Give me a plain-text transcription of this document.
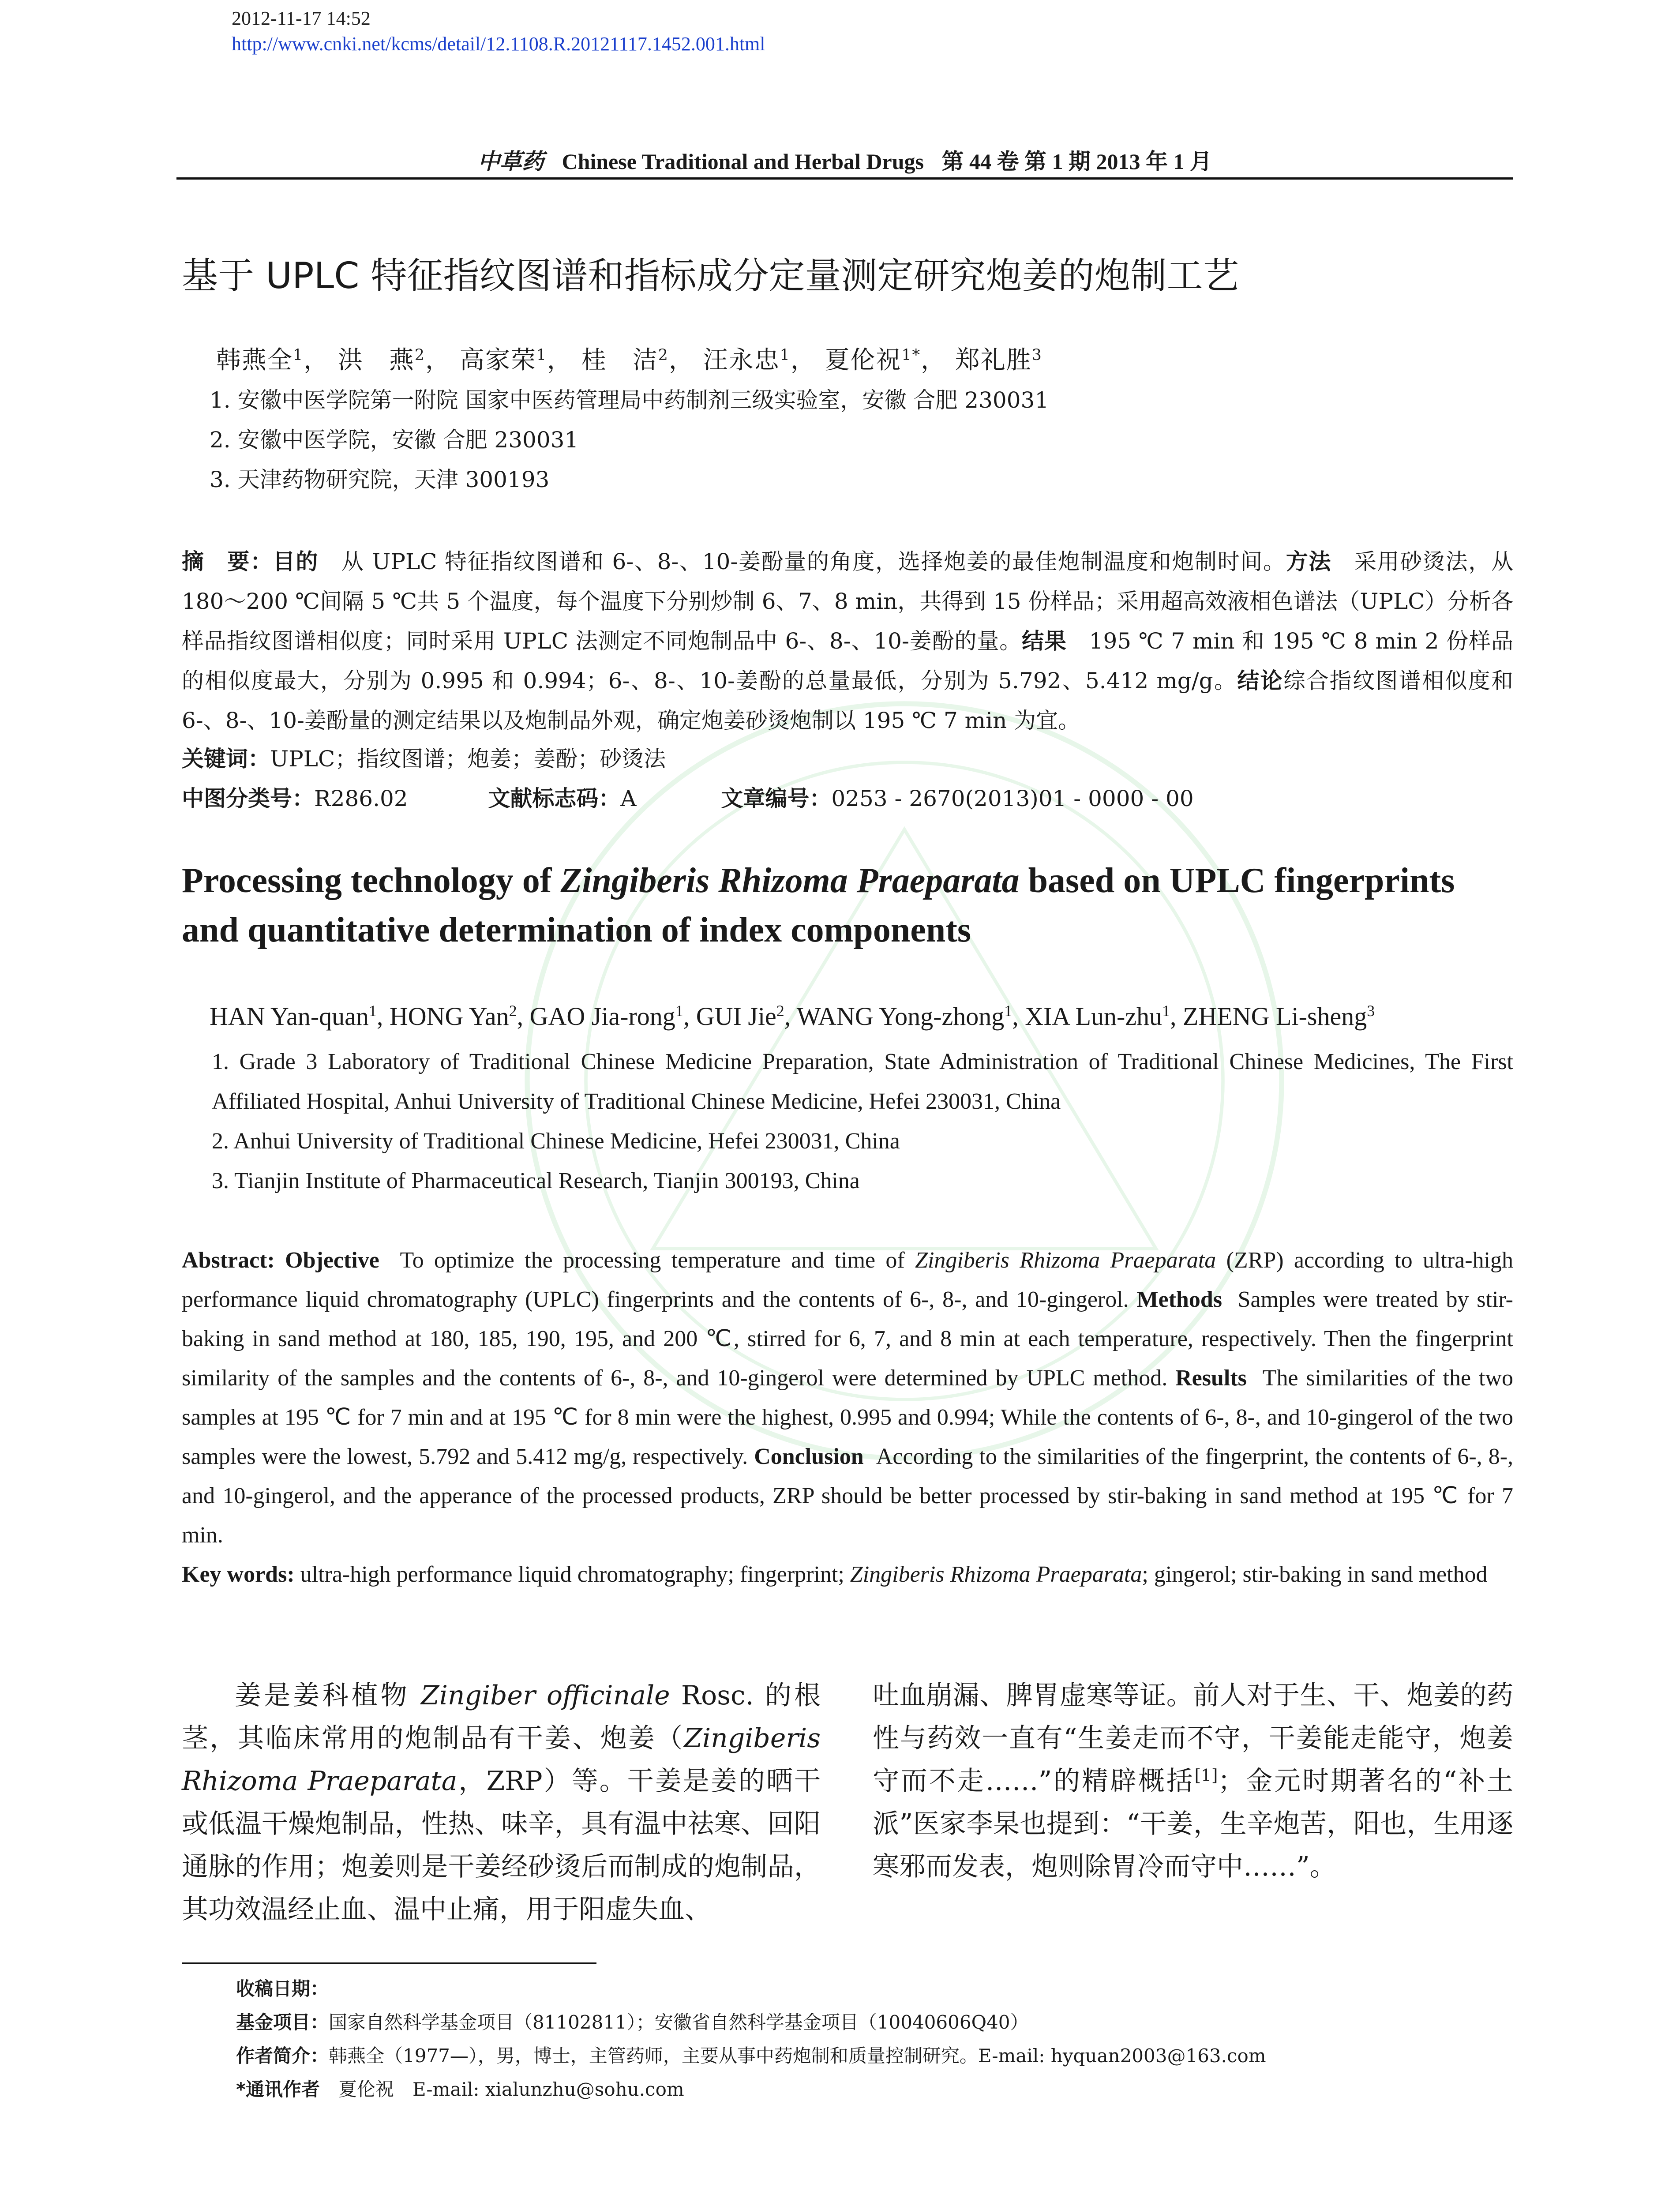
2012-11-17 14:52
http://www.cnki.net/kcms/detail/12.1108.R.20121117.1452.001.html
中草药 Chinese Traditional and Herbal Drugs 第 44 卷 第 1 期 2013 年 1 月
基于 UPLC 特征指纹图谱和指标成分定量测定研究炮姜的炮制工艺
韩燕全$^1$， 洪　燕$^2$， 高家荣$^1$， 桂　洁$^2$， 汪永忠$^1$， 夏伦祝$^{1*}$， 郑礼胜$^3$
1. 安徽中医学院第一附院 国家中医药管理局中药制剂三级实验室，安徽 合肥 230031
2. 安徽中医学院，安徽 合肥 230031
3. 天津药物研究院，天津 300193
摘　要：目的　 从 UPLC 特征指纹图谱和 6-、8-、10-姜酚量的角度，选择炮姜的最佳炮制温度和炮制时间。方法　 采用砂烫法，从 180～200 ℃间隔 5 ℃共 5 个温度，每个温度下分别炒制 6、7、8 min，共得到 15 份样品；采用超高效液相色谱法（UPLC）分析各样品指纹图谱相似度；同时采用 UPLC 法测定不同炮制品中 6-、8-、10-姜酚的量。结果　 195 ℃ 7 min 和 195 ℃ 8 min 2 份样品的相似度最大，分别为 0.995 和 0.994；6-、8-、10-姜酚的总量最低，分别为 5.792、5.412 mg/g。结论综合指纹图谱相似度和 6-、8-、10-姜酚量的测定结果以及炮制品外观，确定炮姜砂烫炮制以 195 ℃ 7 min 为宜。
关键词：UPLC；指纹图谱；炮姜；姜酚；砂烫法
中图分类号：R286.02	文献标志码：A	文章编号：0253 - 2670(2013)01 - 0000 - 00
Processing technology of Zingiberis Rhizoma Praeparata based on UPLC fingerprints and quantitative determination of index components
HAN Yan-quan$^1$, HONG Yan$^2$, GAO Jia-rong$^1$, GUI Jie$^2$, WANG Yong-zhong$^1$, XIA Lun-zhu$^1$, ZHENG Li-sheng$^3$
1. Grade 3 Laboratory of Traditional Chinese Medicine Preparation, State Administration of Traditional Chinese Medicines, The First Affiliated Hospital, Anhui University of Traditional Chinese Medicine, Hefei 230031, China
2. Anhui University of Traditional Chinese Medicine, Hefei 230031, China
3. Tianjin Institute of Pharmaceutical Research, Tianjin 300193, China
Abstract: Objective To optimize the processing temperature and time of Zingiberis Rhizoma Praeparata (ZRP) according to ultra-high performance liquid chromatography (UPLC) fingerprints and the contents of 6-, 8-, and 10-gingerol. Methods Samples were treated by stir-baking in sand method at 180, 185, 190, 195, and 200 ℃, stirred for 6, 7, and 8 min at each temperature, respectively. Then the fingerprint similarity of the samples and the contents of 6-, 8-, and 10-gingerol were determined by UPLC method. Results The similarities of the two samples at 195 ℃ for 7 min and at 195 ℃ for 8 min were the highest, 0.995 and 0.994; While the contents of 6-, 8-, and 10-gingerol of the two samples were the lowest, 5.792 and 5.412 mg/g, respectively. Conclusion According to the similarities of the fingerprint, the contents of 6-, 8-, and 10-gingerol, and the apperance of the processed products, ZRP should be better processed by stir-baking in sand method at 195 ℃ for 7 min.
Key words: ultra-high performance liquid chromatography; fingerprint; Zingiberis Rhizoma Praeparata; gingerol; stir-baking in sand method

姜是姜科植物 Zingiber officinale Rosc. 的根茎，其临床常用的炮制品有干姜、炮姜（Zingiberis Rhizoma Praeparata，ZRP）等。干姜是姜的晒干或低温干燥炮制品，性热、味辛，具有温中祛寒、回阳通脉的作用；炮姜则是干姜经砂烫后而制成的炮制品，其功效温经止血、温中止痛，用于阳虚失血、

吐血崩漏、脾胃虚寒等证。前人对于生、干、炮姜的药性与药效一直有“生姜走而不守，干姜能走能守，炮姜守而不走……”的精辟概括[1]；金元时期著名的“补土派”医家李杲也提到：“干姜，生辛炮苦，阳也，生用逐寒邪而发表，炮则除胃冷而守中……”。

收稿日期：
基金项目：国家自然科学基金项目（81102811）；安徽省自然科学基金项目（10040606Q40）
作者简介：韩燕全（1977—），男，博士，主管药师，主要从事中药炮制和质量控制研究。E-mail: hyquan2003@163.com
*通讯作者　 夏伦祝　E-mail: xialunzhu@sohu.com
